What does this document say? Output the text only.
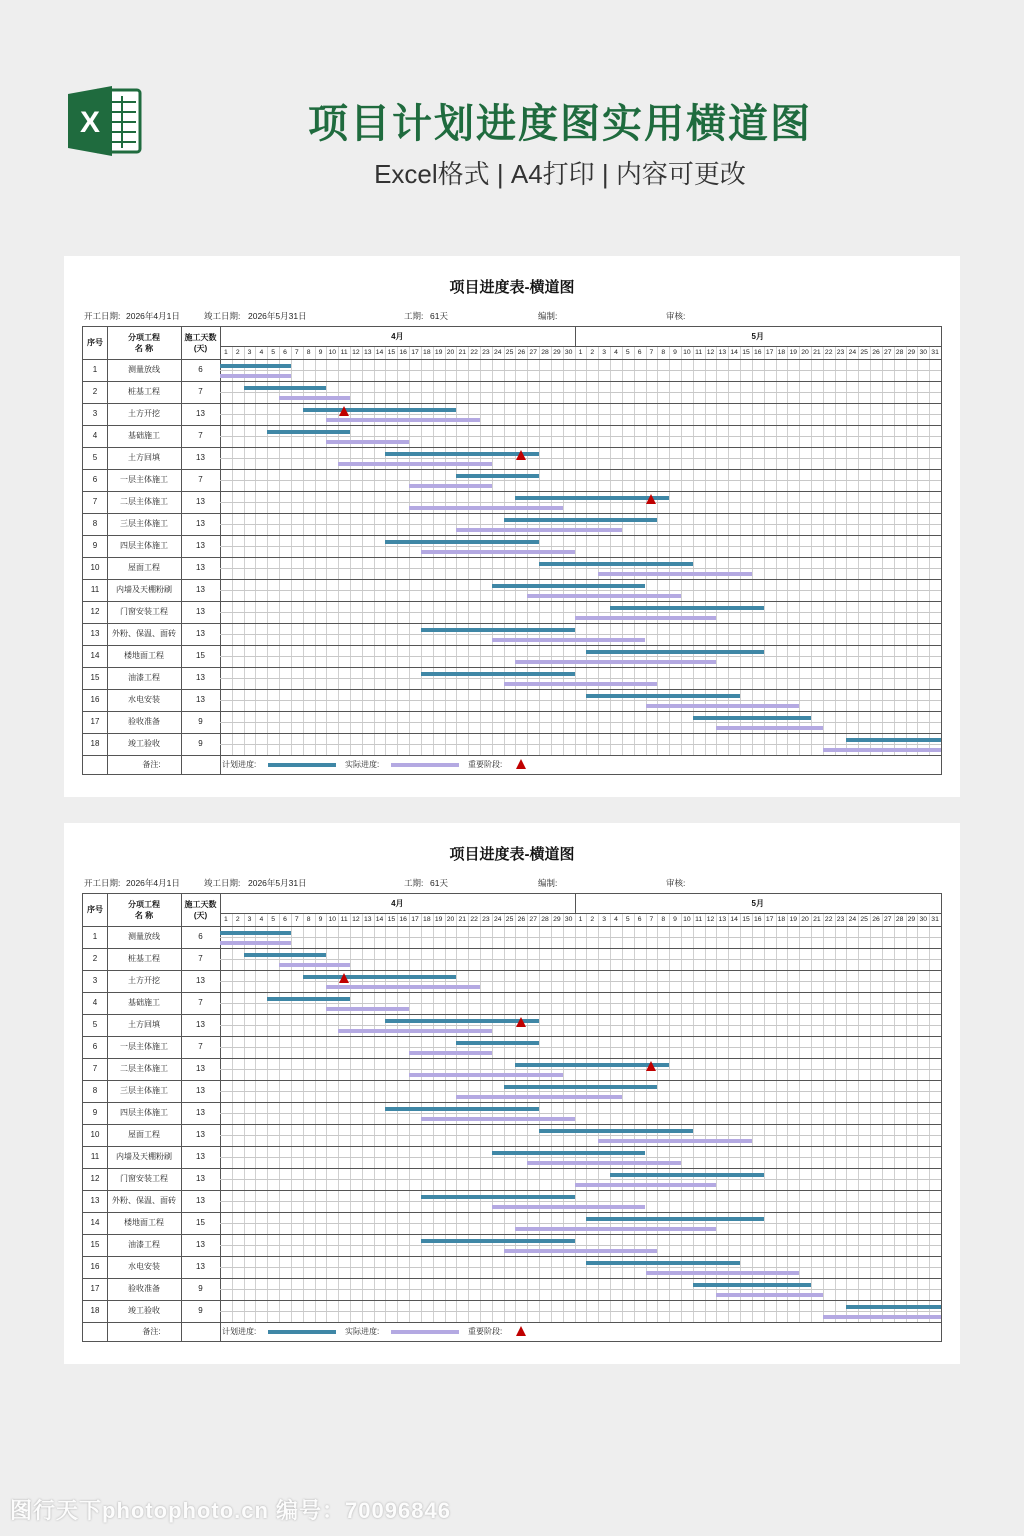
X	项目计划进度图实用横道图
Excel格式 | A4打印 | 内容可更改
项目进度表-横道图
开工日期: 2026年4月1日	竣工日期: 2026年5月31日	工期: 61天	编制:	审核:
序号
分项工程
名 称
施工天数
(天)
4月
1	2	3	4	5	6	7	8	9 10 11 12 13 14 15 16 17 18 19 20 21 22 23 24 25 26 27 28 29 30
5月
1	2	3	4	5	6	7	8	9 10 11 12 13 14 15 16 17 18 19 20 21 22 23 24 25 26 27 28 29 30 31
1	测量放线	6
2	桩基工程	7
3	土方开挖	13
4	基础施工	7
5	土方回填	13
6	一层主体施工	7
7	二层主体施工	13
8	三层主体施工	13
9	四层主体施工	13
10	屋面工程	13
11	内墙及天棚粉刷	13
12	门窗安装工程	13
13	外粉、保温、面砖	13
14	楼地面工程	15
15	油漆工程	13
16	水电安装	13
17	验收准备	9
18	竣工验收	9
备注:	计划进度:	实际进度:	重要阶段:
项目进度表-横道图
开工日期: 2026年4月1日	竣工日期: 2026年5月31日	工期: 61天	编制:	审核:
序号
分项工程
名 称
施工天数
(天)
4月
1	2	3	4	5	6	7	8	9 10 11 12 13 14 15 16 17 18 19 20 21 22 23 24 25 26 27 28 29 30
5月
1	2	3	4	5	6	7	8	9 10 11 12 13 14 15 16 17 18 19 20 21 22 23 24 25 26 27 28 29 30 31
1	测量放线	6
2	桩基工程	7
3	土方开挖	13
4	基础施工	7
5	土方回填	13
6	一层主体施工	7
7	二层主体施工	13
8	三层主体施工	13
9	四层主体施工	13
10	屋面工程	13
11	内墙及天棚粉刷	13
12	门窗安装工程	13
13	外粉、保温、面砖	13
14	楼地面工程	15
15	油漆工程	13
16	水电安装	13
17	验收准备	9
18	竣工验收	9
备注:	计划进度:	实际进度:	重要阶段:
图行天下photophoto.cn 编号：70096846
